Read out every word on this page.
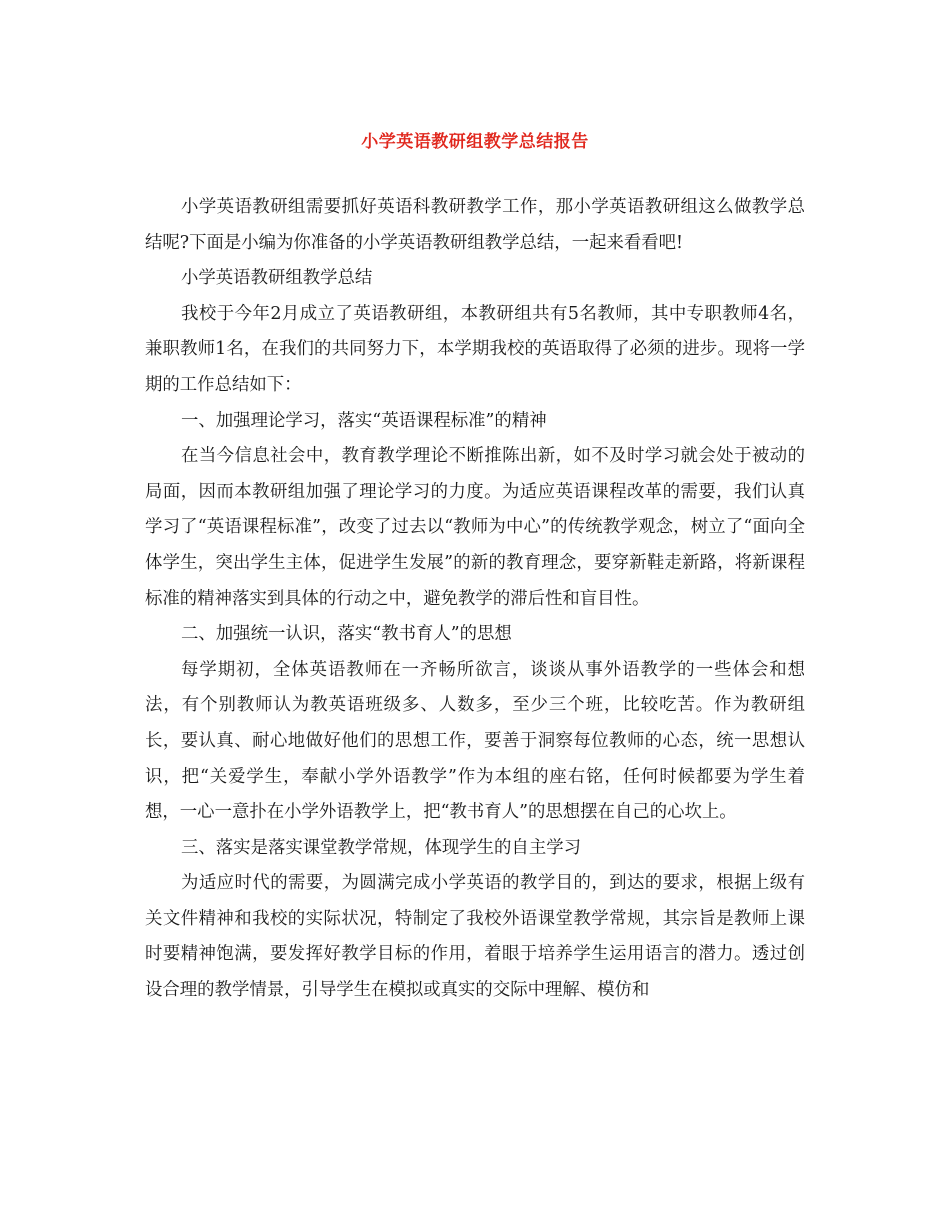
小学英语教研组教学总结报告

小学英语教研组需要抓好英语科教研教学工作，那小学英语教研组这么做教学总结呢?下面是小编为你准备的小学英语教研组教学总结，一起来看看吧!

小学英语教研组教学总结

我校于今年2月成立了英语教研组，本教研组共有5名教师，其中专职教师4名，兼职教师1名，在我们的共同努力下，本学期我校的英语取得了必须的进步。现将一学期的工作总结如下：

一、加强理论学习，落实“英语课程标准”的精神

在当今信息社会中，教育教学理论不断推陈出新，如不及时学习就会处于被动的局面，因而本教研组加强了理论学习的力度。为适应英语课程改革的需要，我们认真学习了“英语课程标准”，改变了过去以“教师为中心”的传统教学观念，树立了“面向全体学生，突出学生主体，促进学生发展”的新的教育理念，要穿新鞋走新路，将新课程标准的精神落实到具体的行动之中，避免教学的滞后性和盲目性。

二、加强统一认识，落实“教书育人”的思想

每学期初，全体英语教师在一齐畅所欲言，谈谈从事外语教学的一些体会和想法，有个别教师认为教英语班级多、人数多，至少三个班，比较吃苦。作为教研组长，要认真、耐心地做好他们的思想工作，要善于洞察每位教师的心态，统一思想认识，把“关爱学生，奉献小学外语教学”作为本组的座右铭，任何时候都要为学生着想，一心一意扑在小学外语教学上，把“教书育人”的思想摆在自己的心坎上。

三、落实是落实课堂教学常规，体现学生的自主学习

为适应时代的需要，为圆满完成小学英语的教学目的，到达的要求，根据上级有关文件精神和我校的实际状况，特制定了我校外语课堂教学常规，其宗旨是教师上课时要精神饱满，要发挥好教学目标的作用，着眼于培养学生运用语言的潜力。透过创设合理的教学情景，引导学生在模拟或真实的交际中理解、模仿和
